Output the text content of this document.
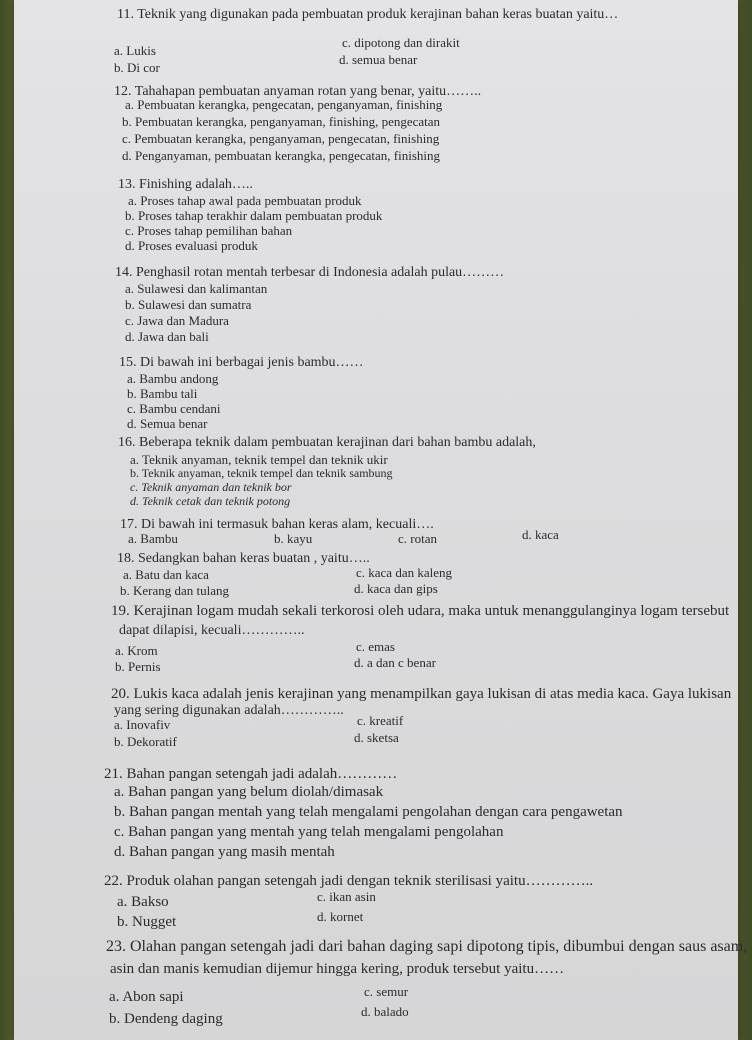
11. Teknik yang digunakan pada pembuatan produk kerajinan bahan keras buatan yaitu…
a. Lukis
b. Di cor
c. dipotong dan dirakit
d. semua benar
12. Tahahapan pembuatan anyaman rotan yang benar, yaitu……..
a. Pembuatan kerangka, pengecatan, penganyaman, finishing
b. Pembuatan kerangka, penganyaman, finishing, pengecatan
c. Pembuatan kerangka, penganyaman, pengecatan, finishing
d. Penganyaman, pembuatan kerangka, pengecatan, finishing
13. Finishing adalah…..
a. Proses tahap awal pada pembuatan produk
b. Proses tahap terakhir dalam pembuatan produk
c. Proses tahap pemilihan bahan
d. Proses evaluasi produk
14. Penghasil rotan mentah terbesar di Indonesia adalah pulau………
a. Sulawesi dan kalimantan
b. Sulawesi dan sumatra
c. Jawa dan Madura
d. Jawa dan bali
15. Di bawah ini berbagai jenis bambu……
a. Bambu andong
b. Bambu tali
c. Bambu cendani
d. Semua benar
16. Beberapa teknik dalam pembuatan kerajinan dari bahan bambu adalah,
a. Teknik anyaman, teknik tempel dan teknik ukir
b. Teknik anyaman, teknik tempel dan teknik sambung
c. Teknik anyaman dan teknik bor
d. Teknik cetak dan teknik potong
17. Di bawah ini termasuk bahan keras alam, kecuali….
a. Bambu	b. kayu	c. rotan	d. kaca
18. Sedangkan bahan keras buatan , yaitu…..
a. Batu dan kaca
b. Kerang dan tulang
c. kaca dan kaleng
d. kaca dan gips
19. Kerajinan logam mudah sekali terkorosi oleh udara, maka untuk menanggulanginya logam tersebut
dapat dilapisi, kecuali…………..
a. Krom
b. Pernis
c. emas
d. a dan c benar
20. Lukis kaca adalah jenis kerajinan yang menampilkan gaya lukisan di atas media kaca. Gaya lukisan
yang sering digunakan adalah…………..
a. Inovafiv
b. Dekoratif
c. kreatif
d. sketsa
21. Bahan pangan setengah jadi adalah…………
a. Bahan pangan yang belum diolah/dimasak
b. Bahan pangan mentah yang telah mengalami pengolahan dengan cara pengawetan
c. Bahan pangan yang mentah yang telah mengalami pengolahan
d. Bahan pangan yang masih mentah
22. Produk olahan pangan setengah jadi dengan teknik sterilisasi yaitu…………..
a. Bakso
b. Nugget
c. ikan asin
d. kornet
23. Olahan pangan setengah jadi dari bahan daging sapi dipotong tipis, dibumbui dengan saus asam,
asin dan manis kemudian dijemur hingga kering, produk tersebut yaitu……
a. Abon sapi
b. Dendeng daging
c. semur
d. balado
